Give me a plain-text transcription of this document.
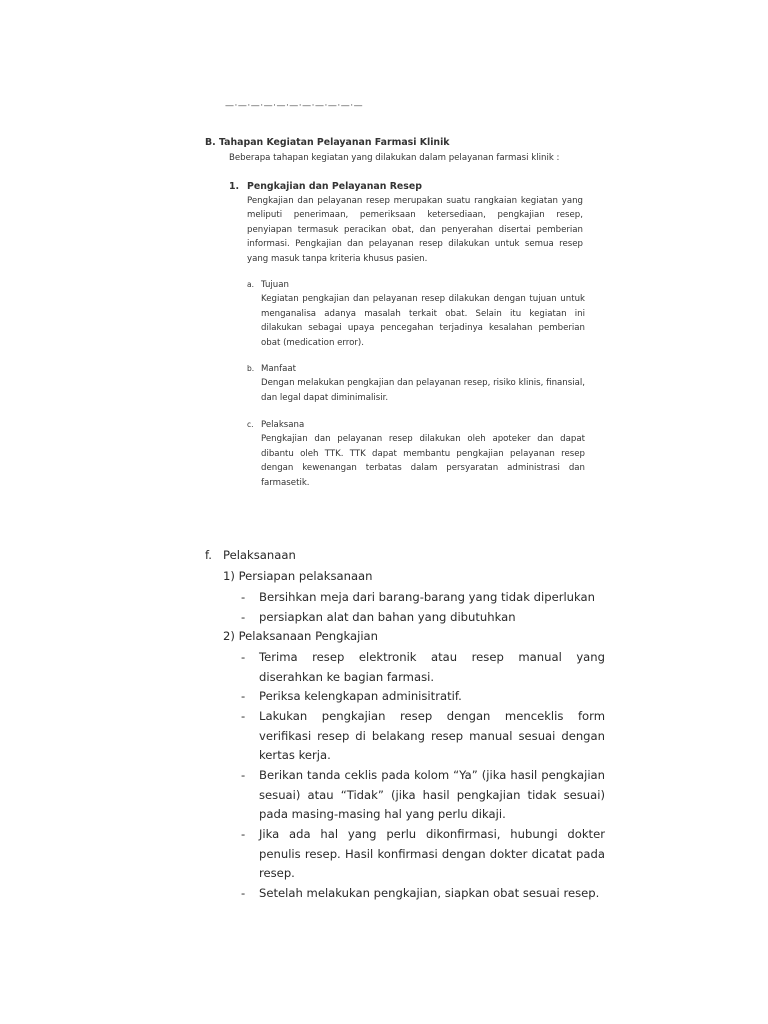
—·—·—·—·—·—·—·—·—·—·—
B. Tahapan Kegiatan Pelayanan Farmasi Klinik
Beberapa tahapan kegiatan yang dilakukan dalam pelayanan farmasi klinik :
1. Pengkajian dan Pelayanan Resep
Pengkajian dan pelayanan resep merupakan suatu rangkaian kegiatan yang meliputi penerimaan, pemeriksaan ketersediaan, pengkajian resep, penyiapan termasuk peracikan obat, dan penyerahan disertai pemberian informasi. Pengkajian dan pelayanan resep dilakukan untuk semua resep yang masuk tanpa kriteria khusus pasien.
a. Tujuan
Kegiatan pengkajian dan pelayanan resep dilakukan dengan tujuan untuk menganalisa adanya masalah terkait obat. Selain itu kegiatan ini dilakukan sebagai upaya pencegahan terjadinya kesalahan pemberian obat (medication error).
b. Manfaat
Dengan melakukan pengkajian dan pelayanan resep, risiko klinis, finansial, dan legal dapat diminimalisir.
c. Pelaksana
Pengkajian dan pelayanan resep dilakukan oleh apoteker dan dapat dibantu oleh TTK. TTK dapat membantu pengkajian pelayanan resep dengan kewenangan terbatas dalam persyaratan administrasi dan farmasetik.
f. Pelaksanaan
1) Persiapan pelaksanaan
-	Bersihkan meja dari barang-barang yang tidak diperlukan
-	persiapkan alat dan bahan yang dibutuhkan
2) Pelaksanaan Pengkajian
-	Terima resep elektronik atau resep manual yang diserahkan ke bagian farmasi.
-	Periksa kelengkapan adminisitratif.
-	Lakukan pengkajian resep dengan menceklis form verifikasi resep di belakang resep manual sesuai dengan kertas kerja.
-	Berikan tanda ceklis pada kolom “Ya” (jika hasil pengkajian sesuai) atau “Tidak” (jika hasil pengkajian tidak sesuai) pada masing-masing hal yang perlu dikaji.
-	Jika ada hal yang perlu dikonfirmasi, hubungi dokter penulis resep. Hasil konfirmasi dengan dokter dicatat pada resep.
-	Setelah melakukan pengkajian, siapkan obat sesuai resep.
